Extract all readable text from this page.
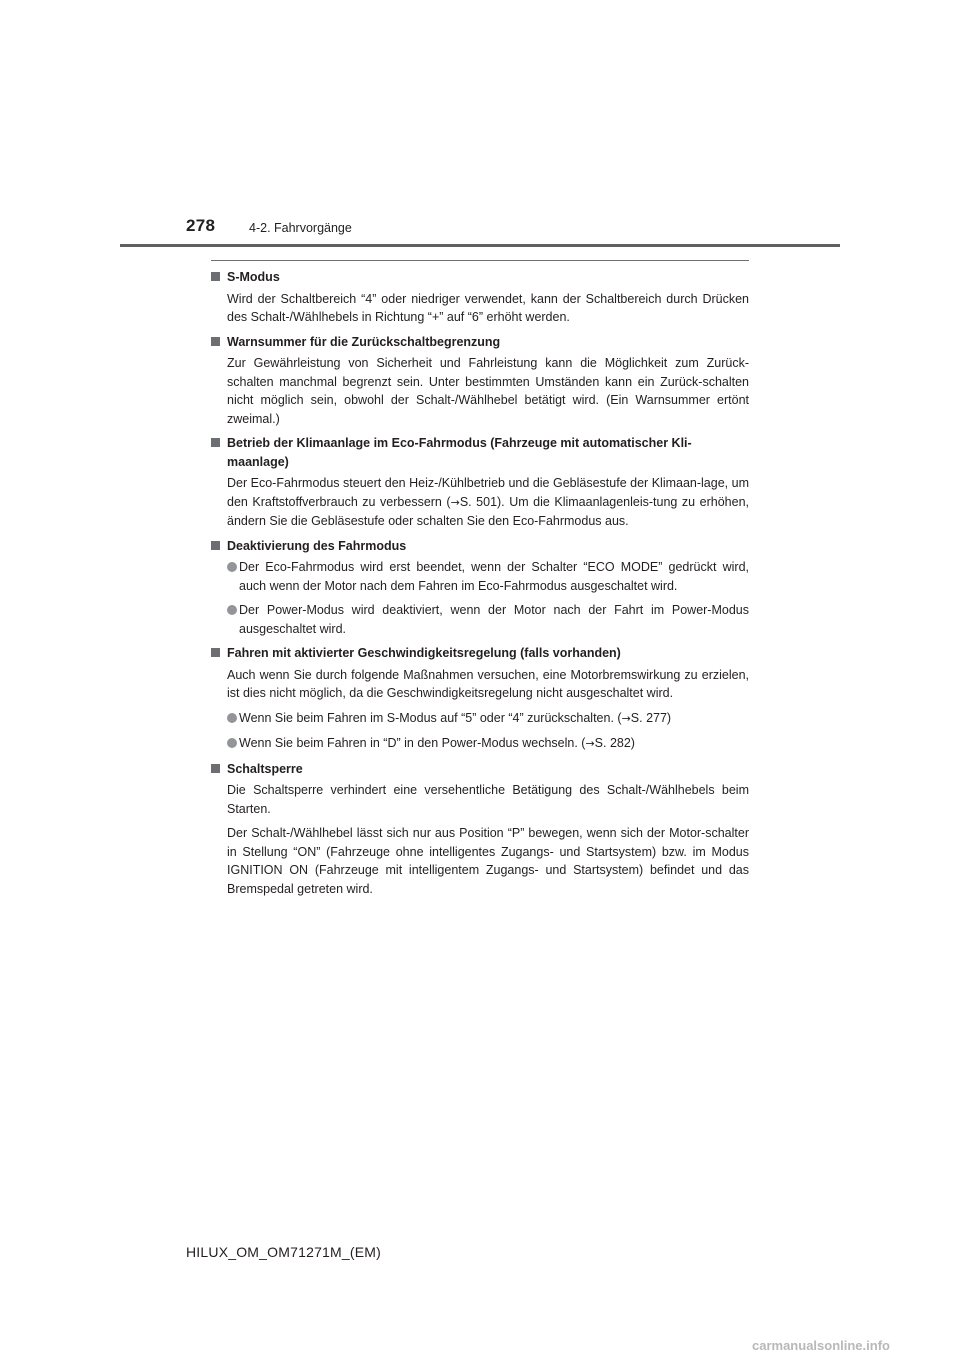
278	4-2. Fahrvorgänge
S-Modus

Wird der Schaltbereich “4” oder niedriger verwendet, kann der Schaltbereich durch Drücken des Schalt-/Wählhebels in Richtung “+” auf “6” erhöht werden.

Warnsummer für die Zurückschaltbegrenzung

Zur Gewährleistung von Sicherheit und Fahrleistung kann die Möglichkeit zum Zurück-schalten manchmal begrenzt sein. Unter bestimmten Umständen kann ein Zurück-schalten nicht möglich sein, obwohl der Schalt-/Wählhebel betätigt wird. (Ein Warnsummer ertönt zweimal.)

Betrieb der Klimaanlage im Eco-Fahrmodus (Fahrzeuge mit automatischer Kli-maanlage)

Der Eco-Fahrmodus steuert den Heiz-/Kühlbetrieb und die Gebläsestufe der Klimaan-lage, um den Kraftstoffverbrauch zu verbessern (→S. 501). Um die Klimaanlagenleis-tung zu erhöhen, ändern Sie die Gebläsestufe oder schalten Sie den Eco-Fahrmodus aus.

Deaktivierung des Fahrmodus
Der Eco-Fahrmodus wird erst beendet, wenn der Schalter “ECO MODE” gedrückt wird, auch wenn der Motor nach dem Fahren im Eco-Fahrmodus ausgeschaltet wird.
Der Power-Modus wird deaktiviert, wenn der Motor nach der Fahrt im Power-Modus ausgeschaltet wird.
Fahren mit aktivierter Geschwindigkeitsregelung (falls vorhanden)

Auch wenn Sie durch folgende Maßnahmen versuchen, eine Motorbremswirkung zu erzielen, ist dies nicht möglich, da die Geschwindigkeitsregelung nicht ausgeschaltet wird.

Wenn Sie beim Fahren im S-Modus auf “5” oder “4” zurückschalten. (→S. 277)
Wenn Sie beim Fahren in “D” in den Power-Modus wechseln. (→S. 282)
Schaltsperre

Die Schaltsperre verhindert eine versehentliche Betätigung des Schalt-/Wählhebels beim Starten.

Der Schalt-/Wählhebel lässt sich nur aus Position “P” bewegen, wenn sich der Motor-schalter in Stellung “ON” (Fahrzeuge ohne intelligentes Zugangs- und Startsystem) bzw. im Modus IGNITION ON (Fahrzeuge mit intelligentem Zugangs- und Startsystem) befindet und das Bremspedal getreten wird.

HILUX_OM_OM71271M_(EM)
carmanualsonline.info
